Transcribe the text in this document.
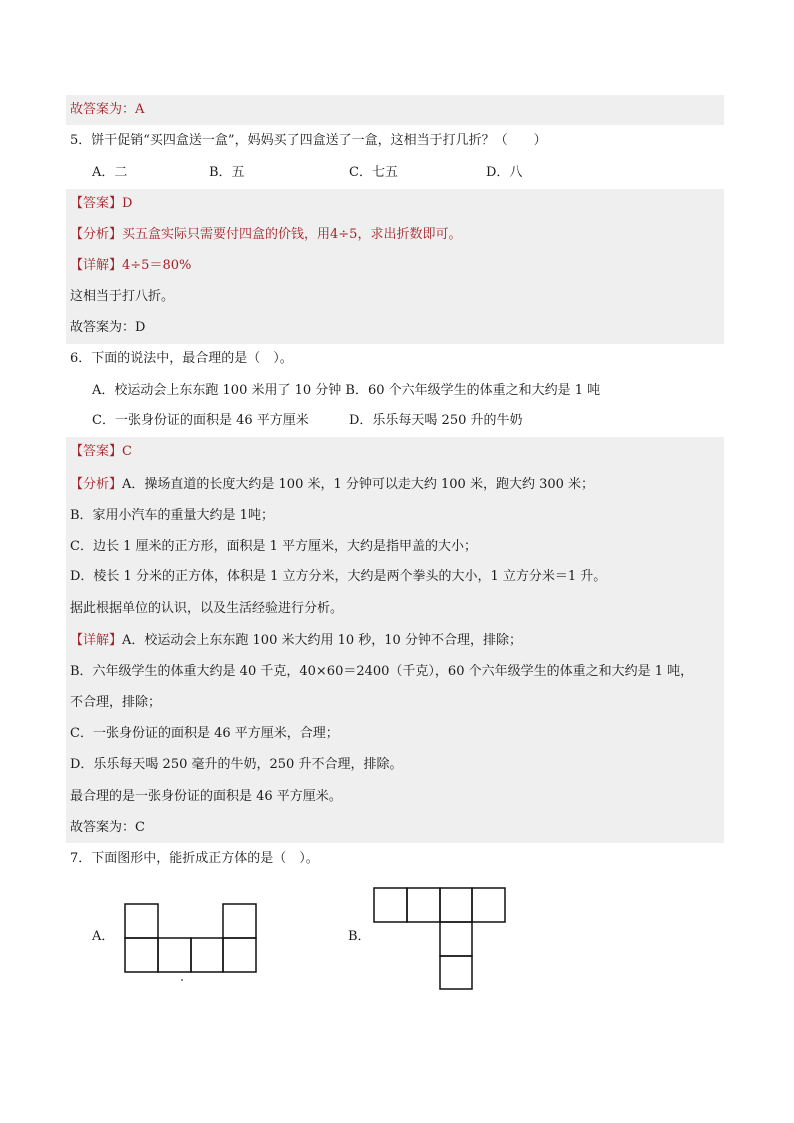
故答案为：A
5．饼干促销“买四盒送一盒”，妈妈买了四盒送了一盒，这相当于打几折？（　　）
A．二	B．五	C．七五	D．八
【答案】D
【分析】买五盒实际只需要付四盒的价钱，用4÷5，求出折数即可。
【详解】4÷5＝80%
这相当于打八折。
故答案为：D
6．下面的说法中，最合理的是（　）。
A．校运动会上东东跑 100 米用了 10 分钟 B．60 个六年级学生的体重之和大约是 1 吨
C．一张身份证的面积是 46 平方厘米	D．乐乐每天喝 250 升的牛奶
【答案】C
【分析】A．操场直道的长度大约是 100 米，1 分钟可以走大约 100 米，跑大约 300 米；
B．家用小汽车的重量大约是 1吨；
C．边长 1 厘米的正方形，面积是 1 平方厘米，大约是指甲盖的大小；
D．棱长 1 分米的正方体，体积是 1 立方分米，大约是两个拳头的大小，1 立方分米＝1 升。
据此根据单位的认识，以及生活经验进行分析。
【详解】A．校运动会上东东跑 100 米大约用 10 秒，10 分钟不合理，排除；
B．六年级学生的体重大约是 40 千克，40×60＝2400（千克），60 个六年级学生的体重之和大约是 1 吨，
不合理，排除；
C．一张身份证的面积是 46 平方厘米，合理；
D．乐乐每天喝 250 毫升的牛奶，250 升不合理，排除。
最合理的是一张身份证的面积是 46 平方厘米。
故答案为：C
7．下面图形中，能折成正方体的是（　）。
A．	B．
